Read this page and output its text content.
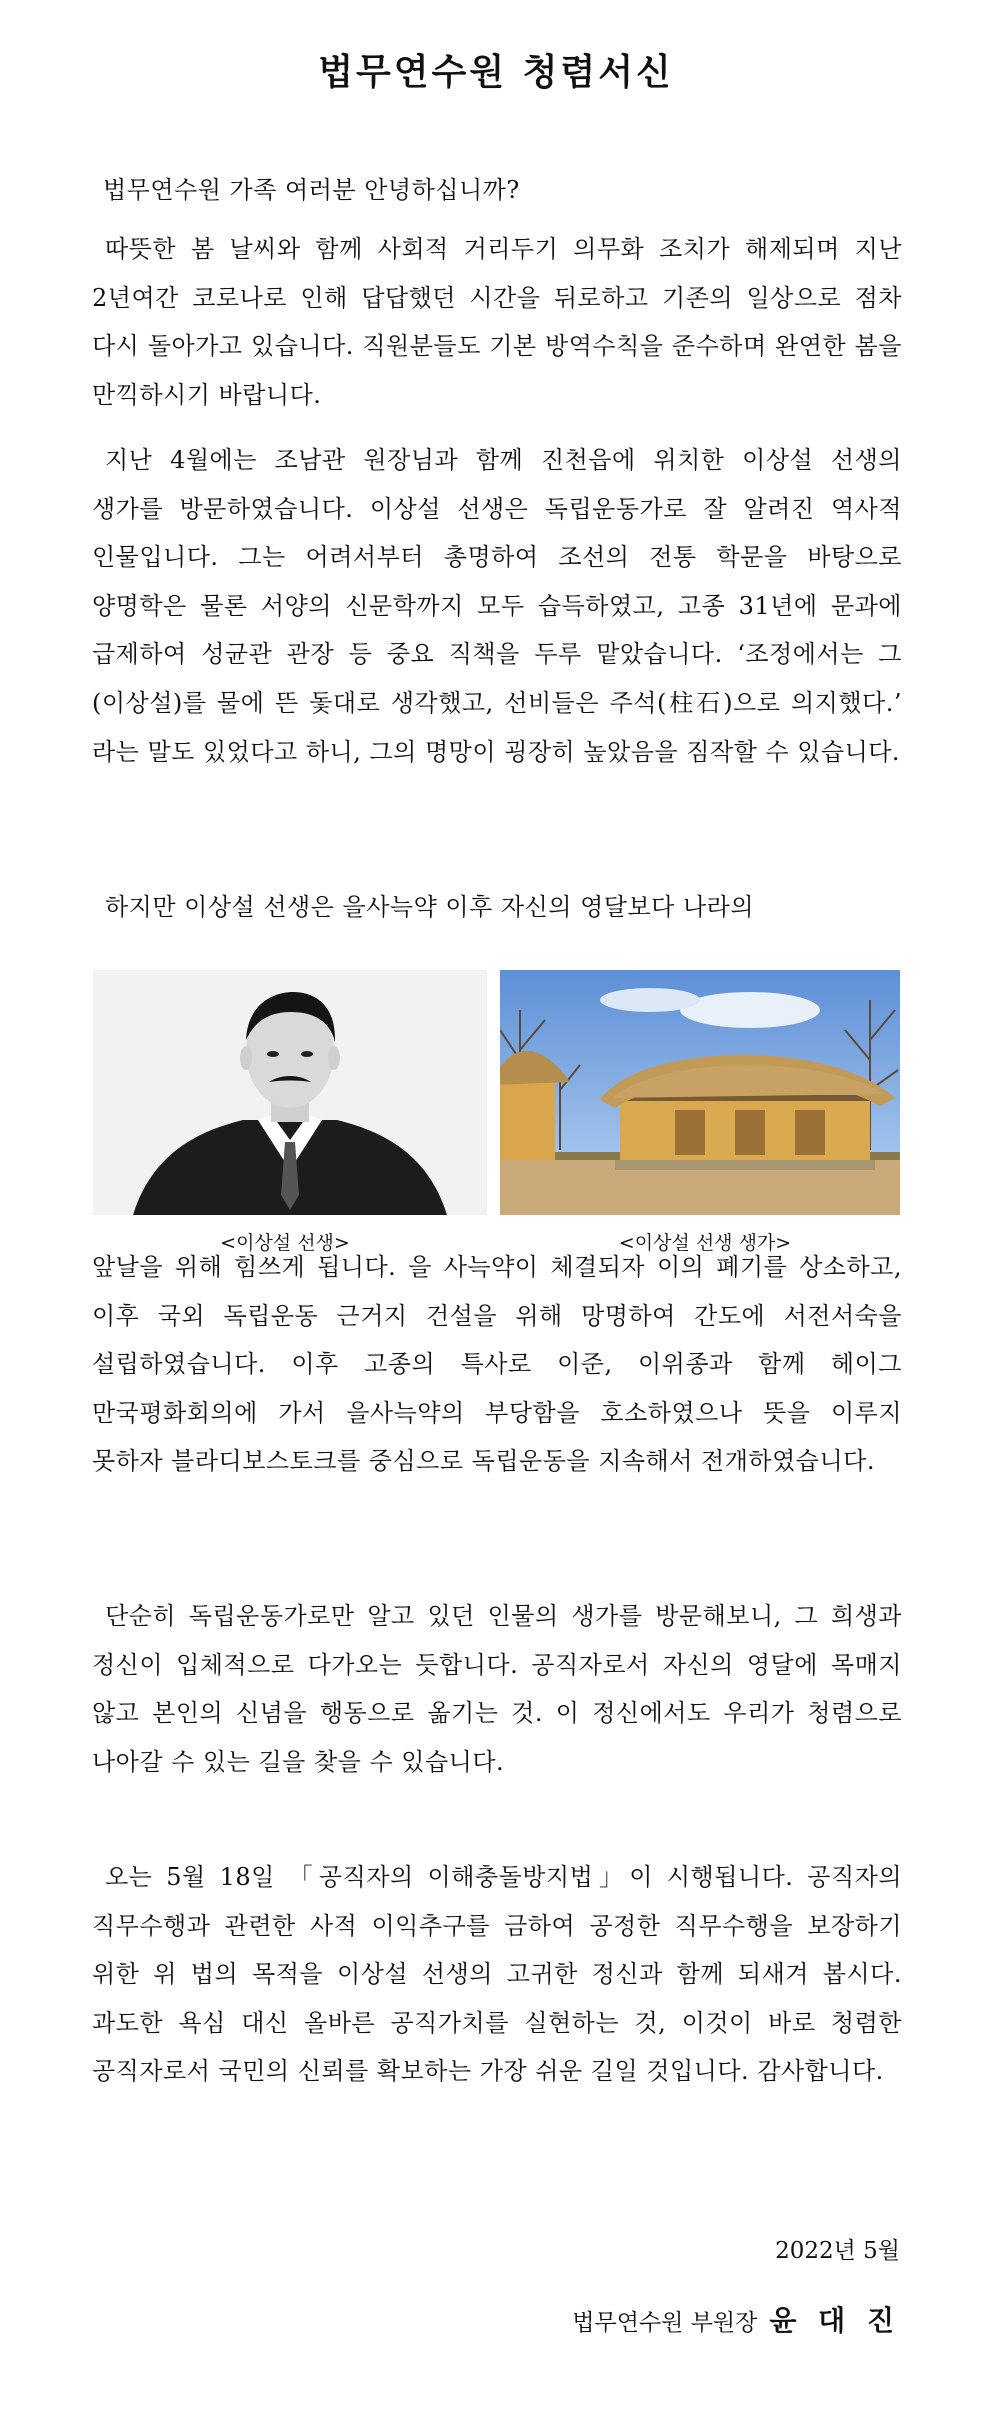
법무연수원 청렴서신

법무연수원 가족 여러분 안녕하십니까?

따뜻한 봄 날씨와 함께 사회적 거리두기 의무화 조치가 해제되며 지난 2년여간 코로나로 인해 답답했던 시간을 뒤로하고 기존의 일상으로 점차 다시 돌아가고 있습니다. 직원분들도 기본 방역수칙을 준수하며 완연한 봄을 만끽하시기 바랍니다.

지난 4월에는 조남관 원장님과 함께 진천읍에 위치한 이상설 선생의 생가를 방문하였습니다. 이상설 선생은 독립운동가로 잘 알려진 역사적 인물입니다. 그는 어려서부터 총명하여 조선의 전통 학문을 바탕으로 양명학은 물론 서양의 신문학까지 모두 습득하였고, 고종 31년에 문과에 급제하여 성균관 관장 등 중요 직책을 두루 맡았습니다. ‘조정에서는 그(이상설)를 물에 뜬 돛대로 생각했고, 선비들은 주석(柱石)으로 의지했다.’ 라는 말도 있었다고 하니, 그의 명망이 굉장히 높았음을 짐작할 수 있습니다.

하지만 이상설 선생은 을사늑약 이후 자신의 영달보다 나라의

<이상설 선생>	<이상설 선생 생가>

앞날을 위해 힘쓰게 됩니다. 을 사늑약이 체결되자 이의 폐기를 상소하고, 이후 국외 독립운동 근거지 건설을 위해 망명하여 간도에 서전서숙을 설립하였습니다. 이후 고종의 특사로 이준, 이위종과 함께 헤이그 만국평화회의에 가서 을사늑약의 부당함을 호소하였으나 뜻을 이루지 못하자 블라디보스토크를 중심으로 독립운동을 지속해서 전개하였습니다.

단순히 독립운동가로만 알고 있던 인물의 생가를 방문해보니, 그 희생과 정신이 입체적으로 다가오는 듯합니다. 공직자로서 자신의 영달에 목매지 않고 본인의 신념을 행동으로 옮기는 것. 이 정신에서도 우리가 청렴으로 나아갈 수 있는 길을 찾을 수 있습니다.

오는 5월 18일 「공직자의 이해충돌방지법」이 시행됩니다. 공직자의 직무수행과 관련한 사적 이익추구를 금하여 공정한 직무수행을 보장하기 위한 위 법의 목적을 이상설 선생의 고귀한 정신과 함께 되새겨 봅시다. 과도한 욕심 대신 올바른 공직가치를 실현하는 것, 이것이 바로 청렴한 공직자로서 국민의 신뢰를 확보하는 가장 쉬운 길일 것입니다. 감사합니다.

2022년 5월
법무연수원 부원장 윤 대 진
